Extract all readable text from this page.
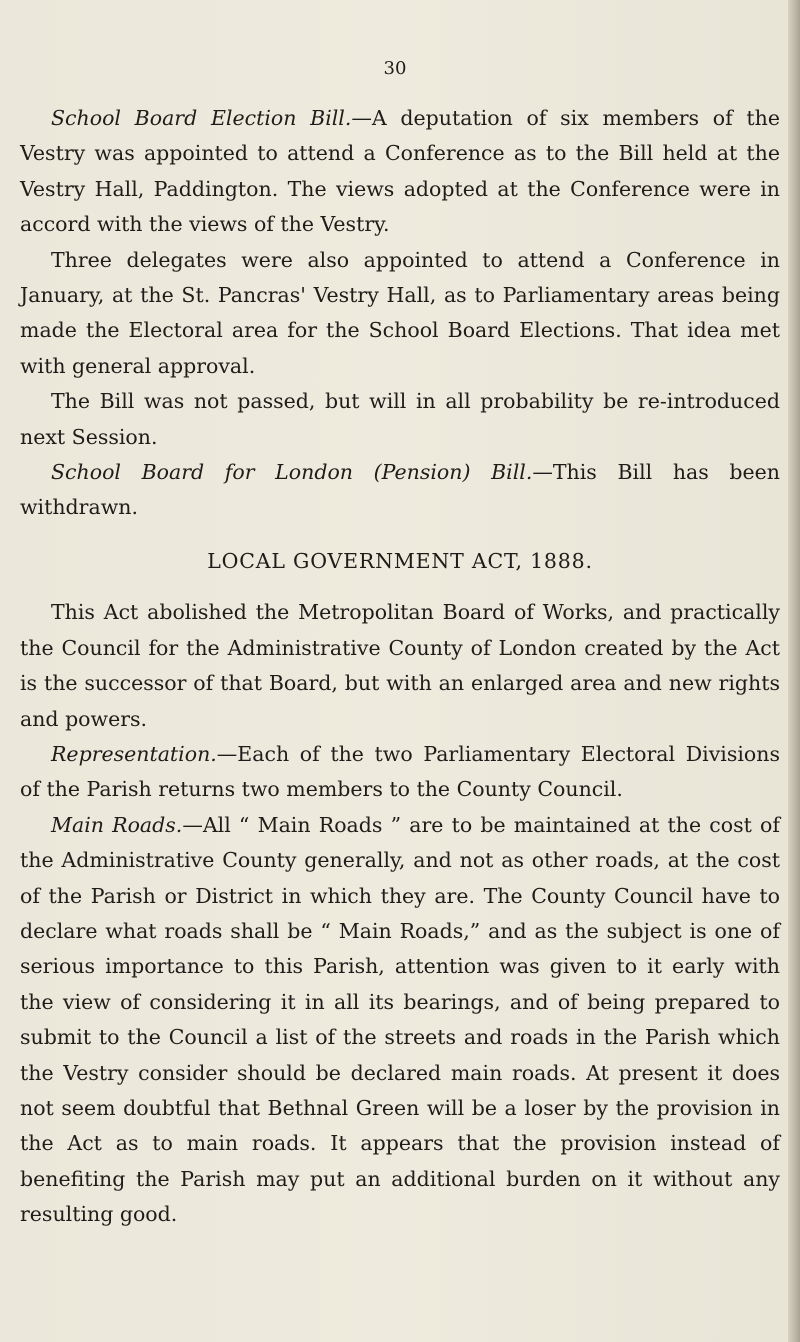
30

School Board Election Bill.—A deputation of six members of the Vestry was appointed to attend a Conference as to the Bill held at the Vestry Hall, Paddington. The views adopted at the Conference were in accord with the views of the Vestry.

Three delegates were also appointed to attend a Conference in January, at the St. Pancras' Vestry Hall, as to Parliamentary areas being made the Electoral area for the School Board Elections. That idea met with general approval.

The Bill was not passed, but will in all probability be re-introduced next Session.

School Board for London (Pension) Bill.—This Bill has been withdrawn.

LOCAL GOVERNMENT ACT, 1888.

This Act abolished the Metropolitan Board of Works, and practically the Council for the Administrative County of London created by the Act is the successor of that Board, but with an enlarged area and new rights and powers.

Representation.—Each of the two Parliamentary Electoral Divisions of the Parish returns two members to the County Council.

Main Roads.—All “ Main Roads ” are to be maintained at the cost of the Administrative County generally, and not as other roads, at the cost of the Parish or District in which they are. The County Council have to declare what roads shall be “ Main Roads,” and as the subject is one of serious importance to this Parish, attention was given to it early with the view of considering it in all its bearings, and of being prepared to submit to the Council a list of the streets and roads in the Parish which the Vestry consider should be declared main roads. At present it does not seem doubtful that Bethnal Green will be a loser by the provision in the Act as to main roads. It appears that the provision instead of benefiting the Parish may put an additional burden on it without any resulting good.
